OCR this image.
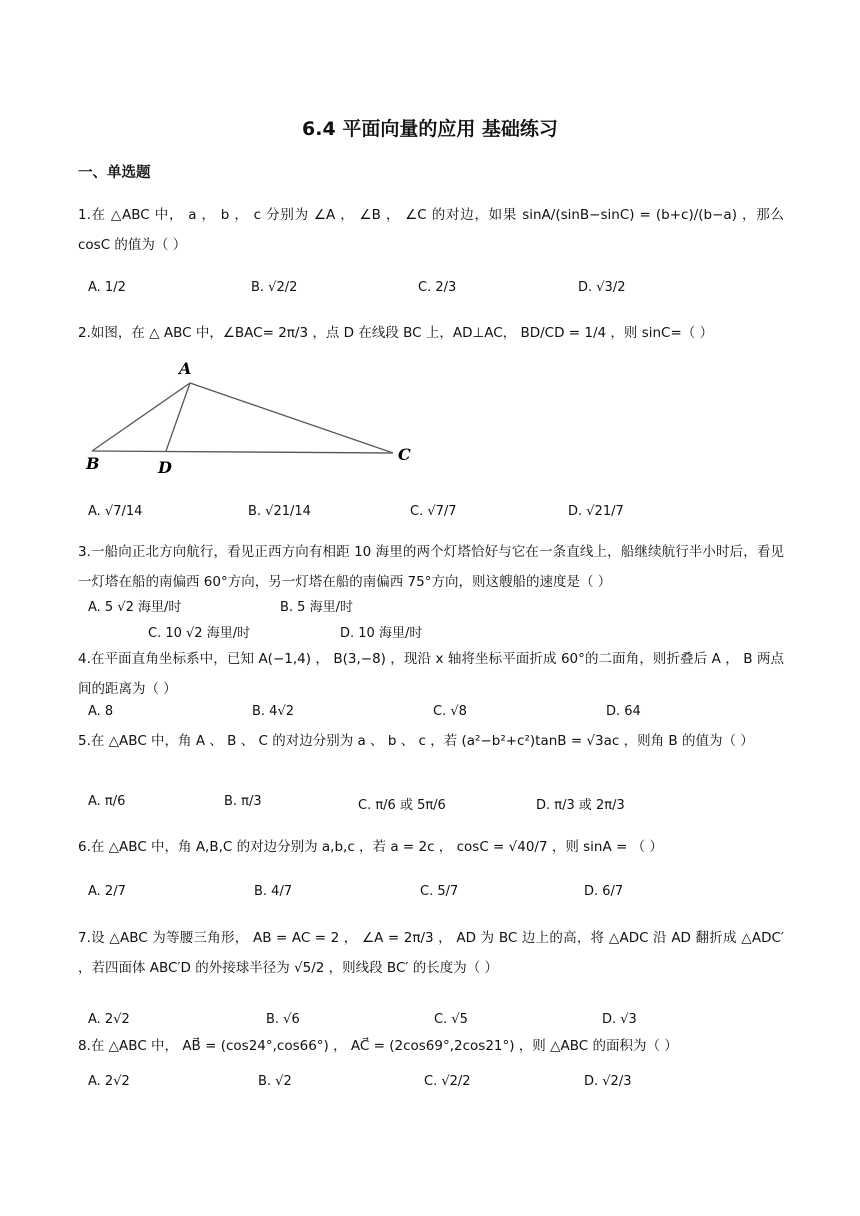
6.4 平面向量的应用 基础练习
一、单选题
1.在 △ABC 中， a ， b ， c 分别为 ∠A ， ∠B ， ∠C 的对边，如果 sinA/(sinB−sinC) = (b+c)/(b−a) ，那么 cosC 的值为（ ）
A. 1/2	B. √2/2	C. 2/3	D. √3/2
2.如图，在 △ ABC 中，∠BAC= 2π/3 ，点 D 在线段 BC 上，AD⊥AC， BD/CD = 1/4 ，则 sinC=（ ）
A
B	D
C
A. √7/14	B. √21/14	C. √7/7	D. √21/7
3.一船向正北方向航行，看见正西方向有相距 10 海里的两个灯塔恰好与它在一条直线上，船继续航行半小时后，看见一灯塔在船的南偏西 60°方向，另一灯塔在船的南偏西 75°方向，则这艘船的速度是（ ）
A. 5 √2 海里/时	B. 5 海里/时
C. 10 √2 海里/时	D. 10 海里/时
4.在平面直角坐标系中，已知 A(−1,4) ， B(3,−8) ，现沿 x 轴将坐标平面折成 60°的二面角，则折叠后 A ， B 两点间的距离为（ ）
A. 8	B. 4√2	C. √8	D. 64
5.在 △ABC 中，角 A 、 B 、 C 的对边分别为 a 、 b 、 c ，若 (a²−b²+c²)tanB = √3ac ，则角 B 的值为（ ）
A. π/6	B. π/3	C. π/6 或 5π/6	D. π/3 或 2π/3
6.在 △ABC 中，角 A,B,C 的对边分别为 a,b,c ，若 a = 2c ， cosC = √40/7 ，则 sinA = （ ）
A. 2/7	B. 4/7	C. 5/7	D. 6/7
7.设 △ABC 为等腰三角形， AB = AC = 2 ， ∠A = 2π/3 ， AD 为 BC 边上的高，将 △ADC 沿 AD 翻折成 △ADC′ ，若四面体 ABC′D 的外接球半径为 √5/2 ，则线段 BC′ 的长度为（ ）
A. 2√2	B. √6	C. √5	D. √3
8.在 △ABC 中， AB⃗ = (cos24°,cos66°) ， AC⃗ = (2cos69°,2cos21°) ，则 △ABC 的面积为（ ）
A. 2√2	B. √2	C. √2/2	D. √2/3
